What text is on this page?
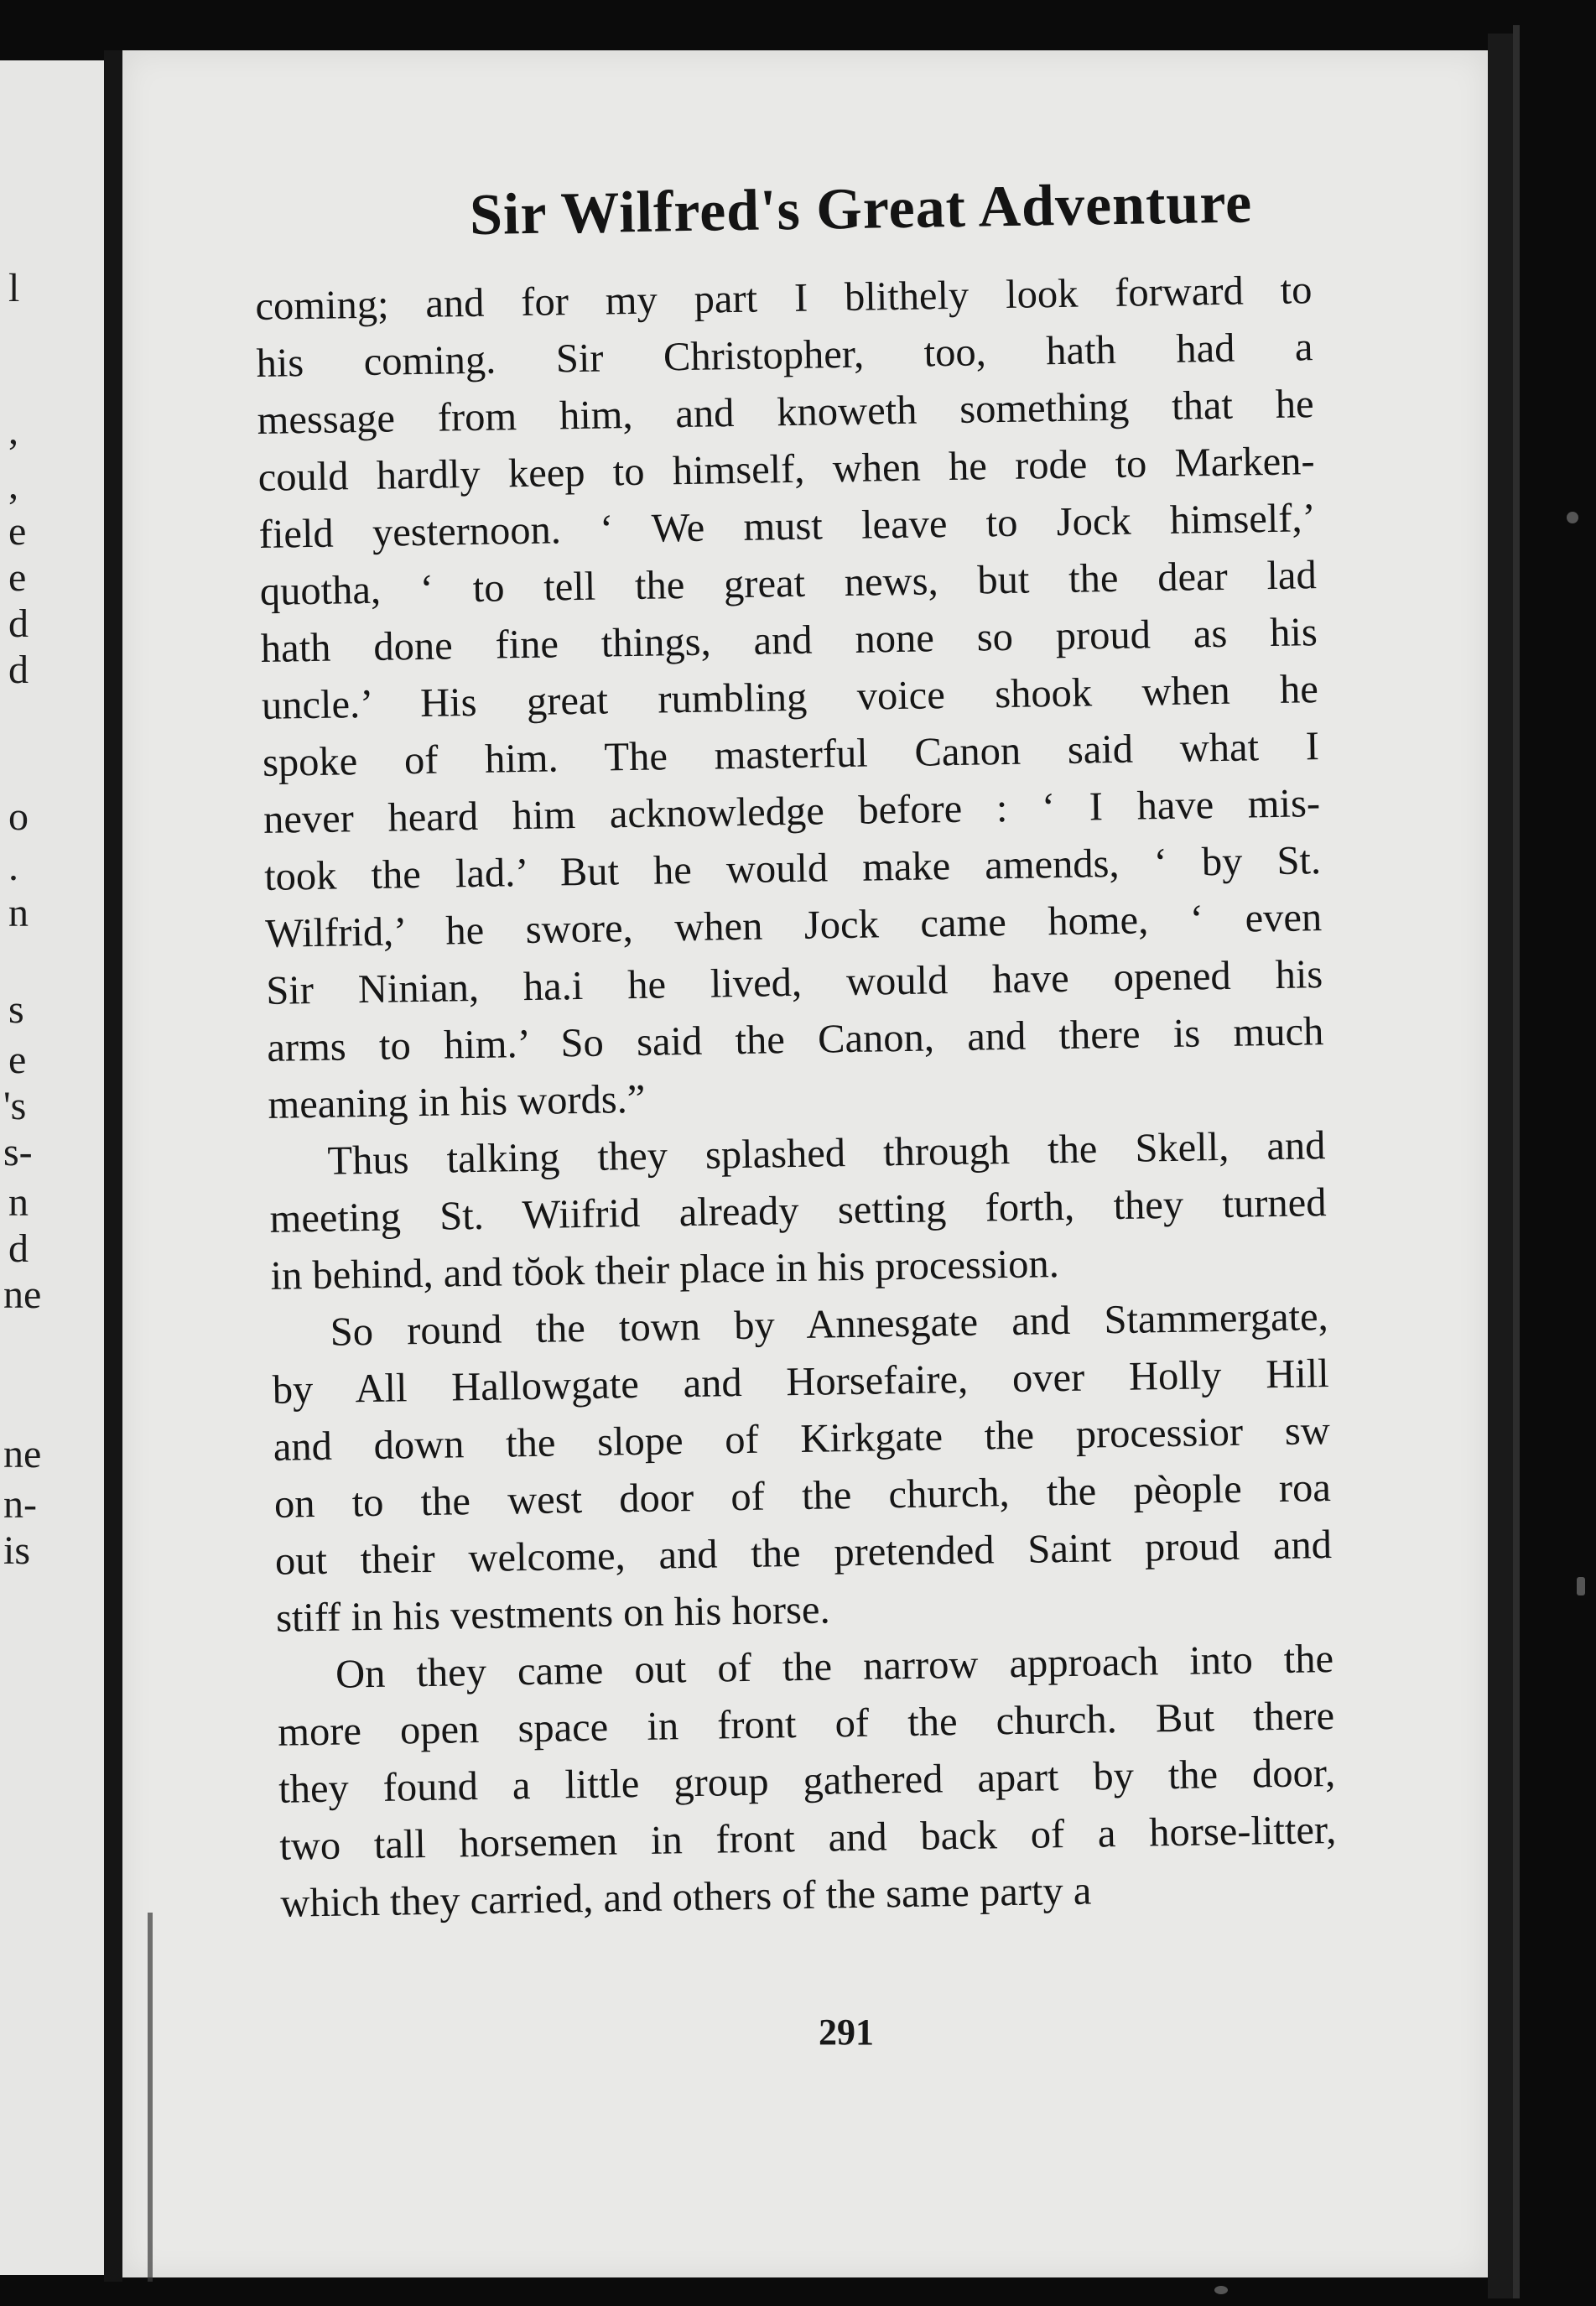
l
,
,
e
e
d
d
o
.
n
s
e
's
s-
n
d
ne
ne
n-
is
Sir Wilfred's Great Adventure
coming; and for my part I blithely look forward to
his coming. Sir Christopher, too, hath had a
message from him, and knoweth something that he
could hardly keep to himself, when he rode to Marken-
field yesternoon. ‘ We must leave to Jock himself,’
quotha, ‘ to tell the great news, but the dear lad
hath done fine things, and none so proud as his
uncle.’ His great rumbling voice shook when he
spoke of him. The masterful Canon said what I
never heard him acknowledge before : ‘ I have mis-
took the lad.’ But he would make amends, ‘ by St.
Wilfrid,’ he swore, when Jock came home, ‘ even
Sir Ninian, ha.i he lived, would have opened his
arms to him.’ So said the Canon, and there is much
meaning in his words.”
Thus talking they splashed through the Skell, and
meeting St. Wiifrid already setting forth, they turned
in behind, and tŏok their place in his procession.
So round the town by Annesgate and Stammergate,
by All Hallowgate and Horsefaire, over Holly Hill
and down the slope of Kirkgate the processior sw
on to the west door of the church, the pèople roa
out their welcome, and the pretended Saint proud and
stiff in his vestments on his horse.
On they came out of the narrow approach into the
more open space in front of the church. But there
they found a little group gathered apart by the door,
two tall horsemen in front and back of a horse-litter,
which they carried, and others of the same party a
291
